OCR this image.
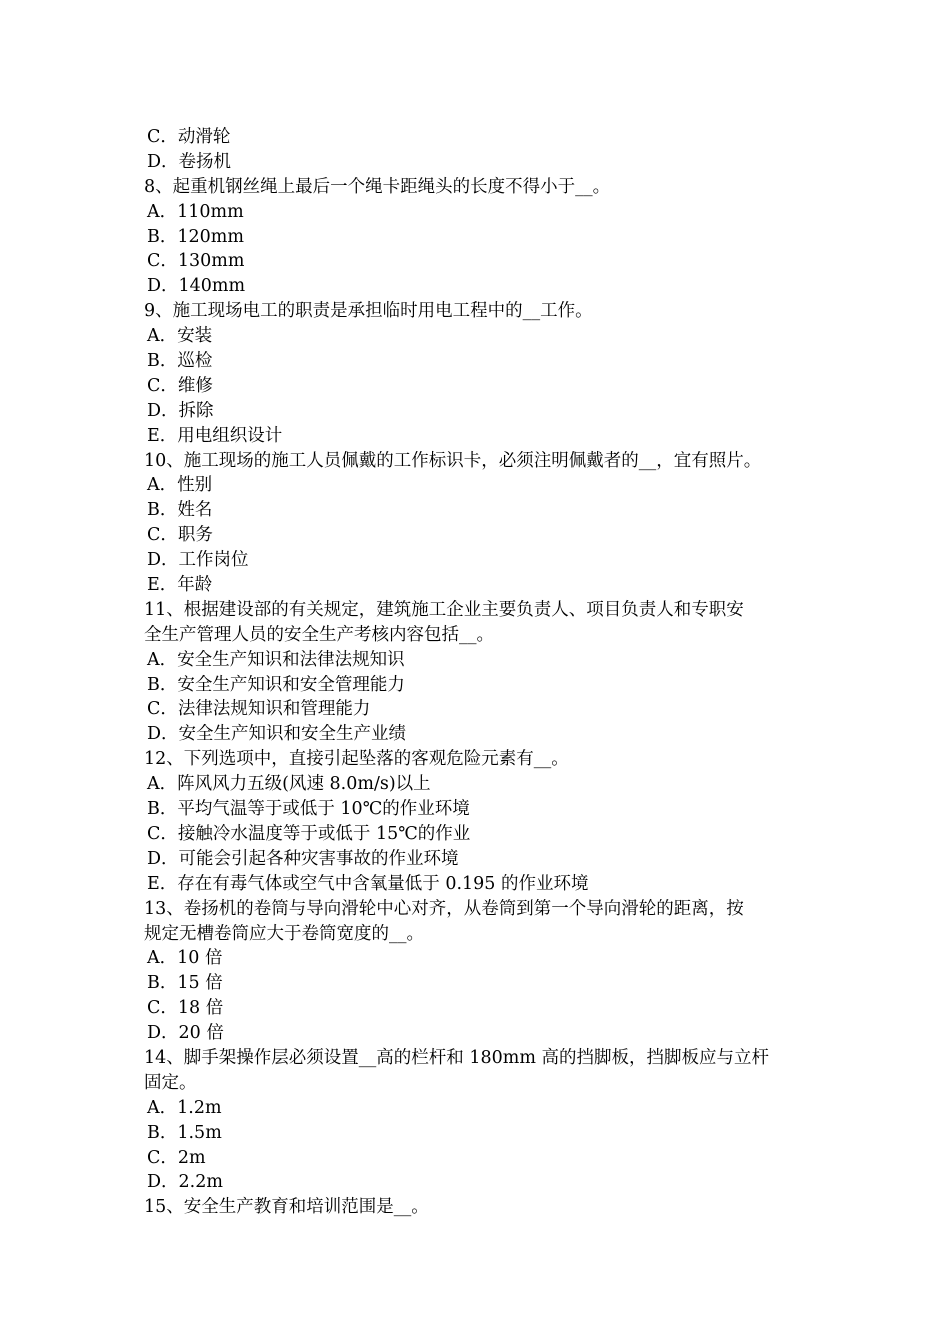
C．动滑轮
D．卷扬机
8、起重机钢丝绳上最后一个绳卡距绳头的长度不得小于__。
A．110mm
B．120mm
C．130mm
D．140mm
9、施工现场电工的职责是承担临时用电工程中的__工作。
A．安装
B．巡检
C．维修
D．拆除
E．用电组织设计
10、施工现场的施工人员佩戴的工作标识卡，必须注明佩戴者的__，宜有照片。
A．性别
B．姓名
C．职务
D．工作岗位
E．年龄
11、根据建设部的有关规定，建筑施工企业主要负责人、项目负责人和专职安
全生产管理人员的安全生产考核内容包括__。
A．安全生产知识和法律法规知识
B．安全生产知识和安全管理能力
C．法律法规知识和管理能力
D．安全生产知识和安全生产业绩
12、下列选项中，直接引起坠落的客观危险元素有__。
A．阵风风力五级(风速 8.0m/s)以上
B．平均气温等于或低于 10℃的作业环境
C．接触冷水温度等于或低于 15℃的作业
D．可能会引起各种灾害事故的作业环境
E．存在有毒气体或空气中含氧量低于 0.195 的作业环境
13、卷扬机的卷筒与导向滑轮中心对齐，从卷筒到第一个导向滑轮的距离，按
规定无槽卷筒应大于卷筒宽度的__。
A．10 倍
B．15 倍
C．18 倍
D．20 倍
14、脚手架操作层必须设置__高的栏杆和 180mm 高的挡脚板，挡脚板应与立杆
固定。
A．1.2m
B．1.5m
C．2m
D．2.2m
15、安全生产教育和培训范围是__。
